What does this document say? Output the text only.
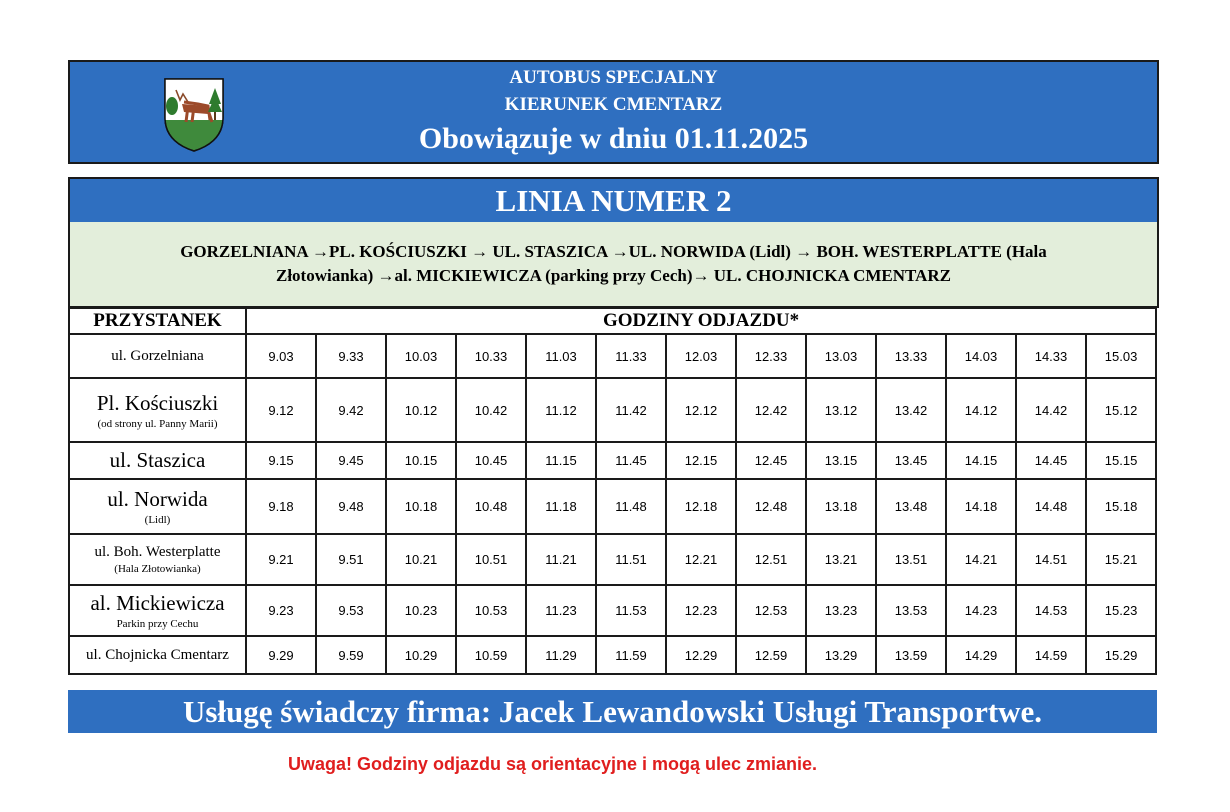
AUTOBUS SPECJALNY
KIERUNEK CMENTARZ
Obowiązuje w dniu 01.11.2025
LINIA NUMER 2
GORZELNIANA →PL. KOŚCIUSZKI → UL. STASZICA →UL. NORWIDA (Lidl) → BOH. WESTERPLATTE (Hala
Złotowianka) →al. MICKIEWICZA (parking przy Cech)→ UL. CHOJNICKA CMENTARZ
PRZYSTANEK	GODZINY ODJAZDU*												

ul. Gorzelniana	9.03	9.33	10.03	10.33	11.03	11.33	12.03	12.33	13.03	13.33	14.03	14.33	15.03

Pl. Kościuszki
(od strony ul. Panny Marii)	9.12	9.42	10.12	10.42	11.12	11.42	12.12	12.42	13.12	13.42	14.12	14.42	15.12

ul. Staszica	9.15	9.45	10.15	10.45	11.15	11.45	12.15	12.45	13.15	13.45	14.15	14.45	15.15

ul. Norwida
(Lidl)	9.18	9.48	10.18	10.48	11.18	11.48	12.18	12.48	13.18	13.48	14.18	14.48	15.18

ul. Boh. Westerplatte
(Hala Złotowianka)	9.21	9.51	10.21	10.51	11.21	11.51	12.21	12.51	13.21	13.51	14.21	14.51	15.21

al. Mickiewicza
Parkin przy Cechu	9.23	9.53	10.23	10.53	11.23	11.53	12.23	12.53	13.23	13.53	14.23	14.53	15.23

ul. Chojnicka Cmentarz	9.29	9.59	10.29	10.59	11.29	11.59	12.29	12.59	13.29	13.59	14.29	14.59	15.29
Usługę świadczy firma: Jacek Lewandowski Usługi Transportwe.
Uwaga! Godziny odjazdu są orientacyjne i mogą ulec zmianie.
